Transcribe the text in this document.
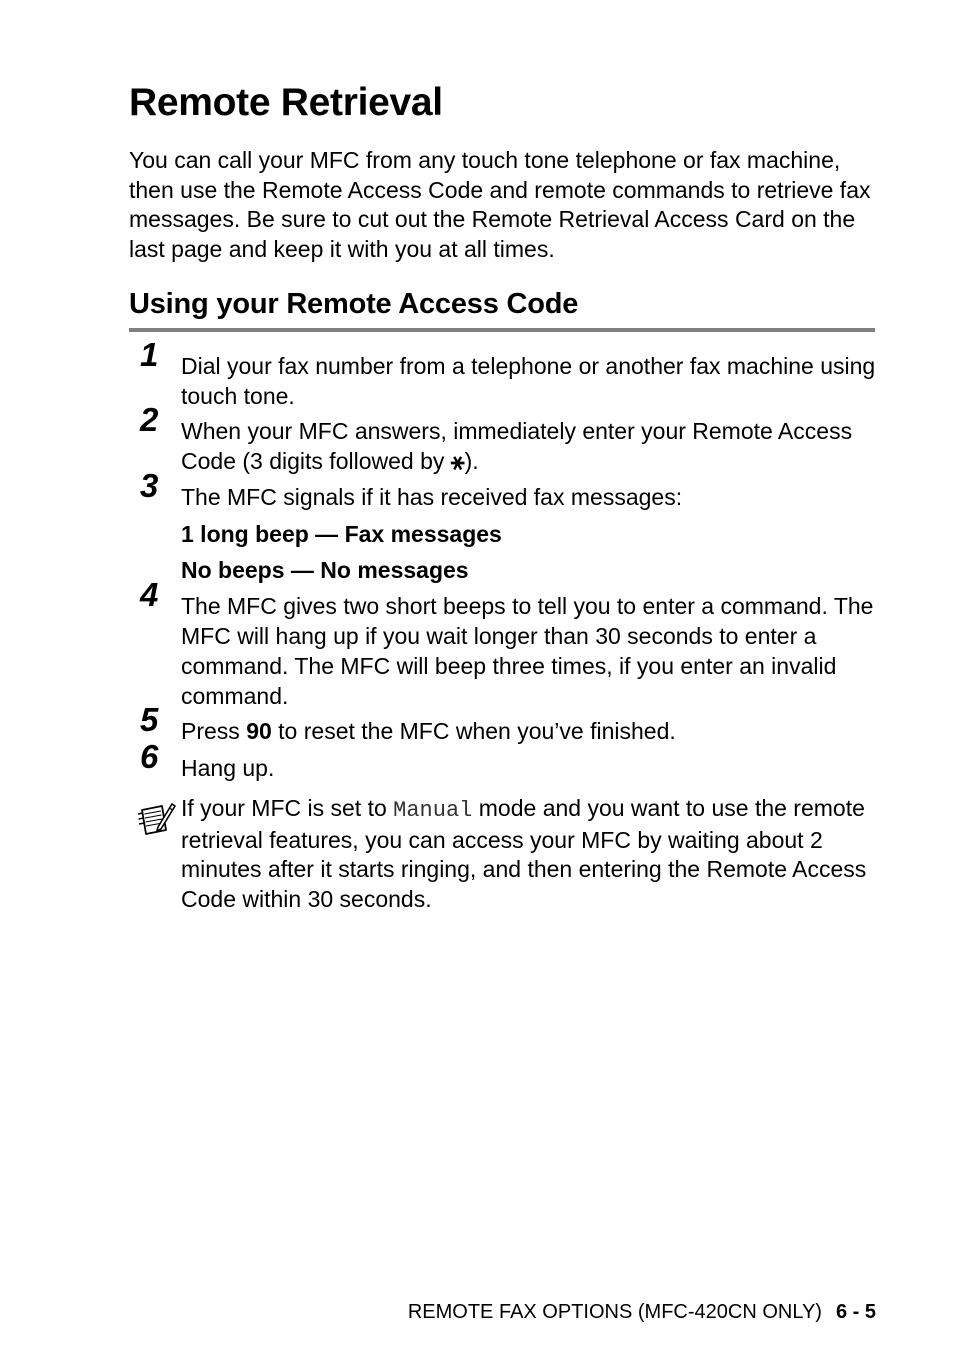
Remote Retrieval

You can call your MFC from any touch tone telephone or fax machine, then use the Remote Access Code and remote commands to retrieve fax messages. Be sure to cut out the Remote Retrieval Access Card on the last page and keep it with you at all times.

Using your Remote Access Code
1 Dial your fax number from a telephone or another fax machine using touch tone.

2 When your MFC answers, immediately enter your Remote Access Code (3 digits followed by ⚹).

3 The MFC signals if it has received fax messages:

1 long beep — Fax messages
No beeps — No messages
4 The MFC gives two short beeps to tell you to enter a command. The MFC will hang up if you wait longer than 30 seconds to enter a command. The MFC will beep three times, if you enter an invalid command.

5 Press 90 to reset the MFC when you’ve finished.

6 Hang up.

If your MFC is set to Manual mode and you want to use the remote retrieval features, you can access your MFC by waiting about 2 minutes after it starts ringing, and then entering the Remote Access Code within 30 seconds.

REMOTE FAX OPTIONS (MFC-420CN ONLY) 6 - 5
